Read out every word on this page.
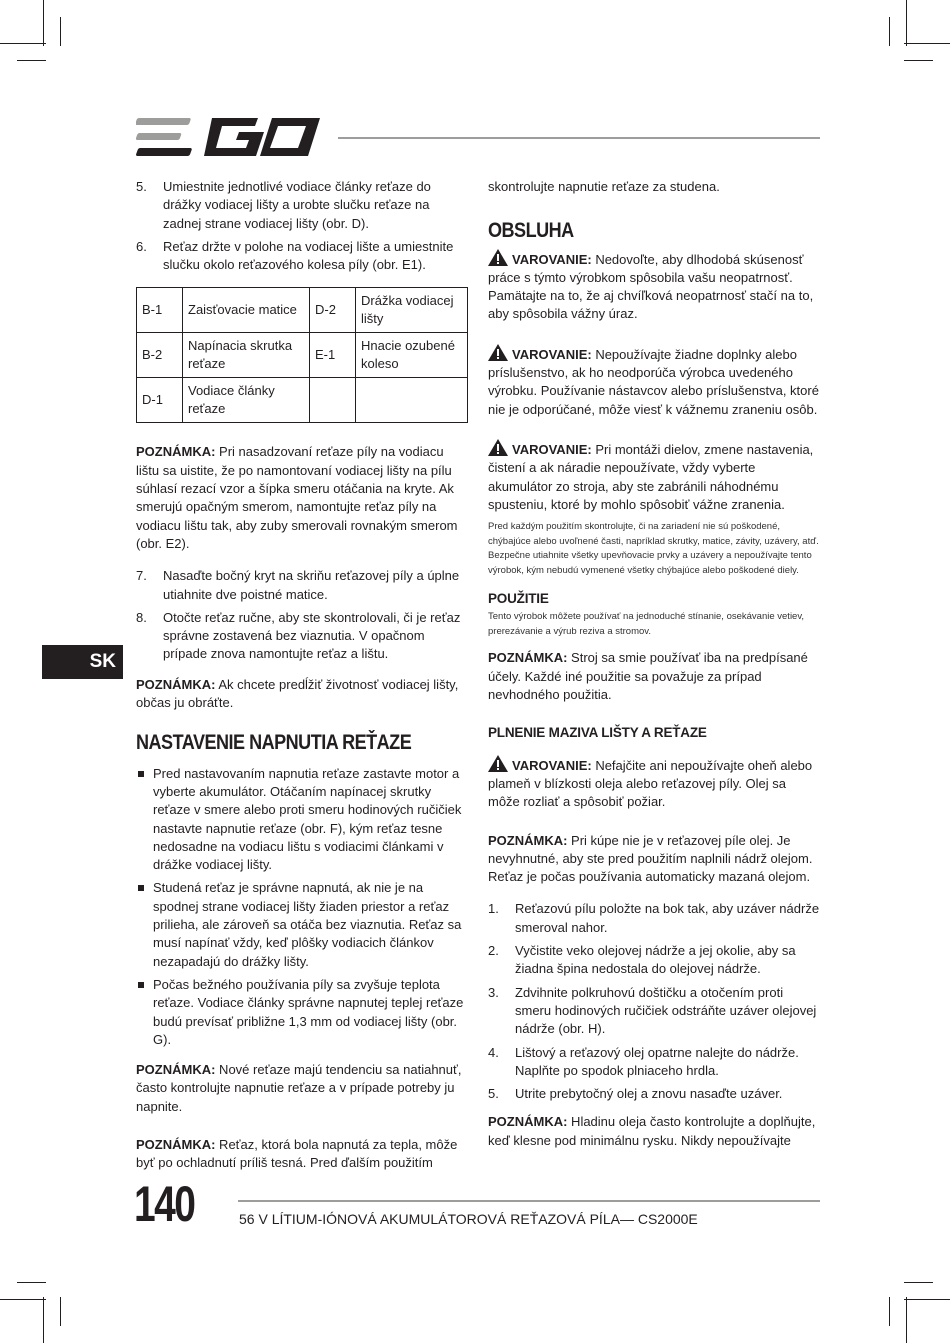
5. Umiestnite jednotlivé vodiace články reťaze do drážky vodiacej lišty a urobte slučku reťaze na zadnej strane vodiacej lišty (obr. D).
6. Reťaz držte v polohe na vodiacej lište a umiestnite slučku okolo reťazového kolesa píly (obr. E1).
B-1	Zaisťovacie matice	D-2	Drážka vodiacej lišty
B-2	Napínacia skrutka reťaze	E-1	Hnacie ozubené koleso
D-1	Vodiace články reťaze		

POZNÁMKA: Pri nasadzovaní reťaze píly na vodiacu lištu sa uistite, že po namontovaní vodiacej lišty na pílu súhlasí rezací vzor a šípka smeru otáčania na kryte. Ak smerujú opačným smerom, namontujte reťaz píly na vodiacu lištu tak, aby zuby smerovali rovnakým smerom (obr. E2).

7. Nasaďte bočný kryt na skriňu reťazovej píly a úplne utiahnite dve poistné matice.
8. Otočte reťaz ručne, aby ste skontrolovali, či je reťaz správne zostavená bez viaznutia. V opačnom prípade znova namontujte reťaz a lištu.

POZNÁMKA: Ak chcete predĺžiť životnosť vodiacej lišty, občas ju obráťte.

NASTAVENIE NAPNUTIA REŤAZE
Pred nastavovaním napnutia reťaze zastavte motor a vyberte akumulátor. Otáčaním napínacej skrutky reťaze v smere alebo proti smeru hodinových ručičiek nastavte napnutie reťaze (obr. F), kým reťaz tesne nedosadne na vodiacu lištu s vodiacimi článkami v drážke vodiacej lišty.
Studená reťaz je správne napnutá, ak nie je na spodnej strane vodiacej lišty žiaden priestor a reťaz prilieha, ale zároveň sa otáča bez viaznutia. Reťaz sa musí napínať vždy, keď plôšky vodiacich článkov nezapadajú do drážky lišty.
Počas bežného používania píly sa zvyšuje teplota reťaze. Vodiace články správne napnutej teplej reťaze budú prevísať približne 1,3 mm od vodiacej lišty (obr. G).

POZNÁMKA: Nové reťaze majú tendenciu sa natiahnuť, často kontrolujte napnutie reťaze a v prípade potreby ju napnite.

POZNÁMKA: Reťaz, ktorá bola napnutá za tepla, môže byť po ochladnutí príliš tesná. Pred ďalším použitím

SK

skontrolujte napnutie reťaze za studena.

OBSLUHA

VAROVANIE: Nedovoľte, aby dlhodobá skúsenosť práce s týmto výrobkom spôsobila vašu neopatrnosť. Pamätajte na to, že aj chvíľková neopatrnosť stačí na to, aby spôsobila vážny úraz.

VAROVANIE: Nepoužívajte žiadne doplnky alebo príslušenstvo, ak ho neodporúča výrobca uvedeného výrobku. Používanie nástavcov alebo príslušenstva, ktoré nie je odporúčané, môže viesť k vážnemu zraneniu osôb.

VAROVANIE: Pri montáži dielov, zmene nastavenia, čistení a ak náradie nepoužívate, vždy vyberte akumulátor zo stroja, aby ste zabránili náhodnému spusteniu, ktoré by mohlo spôsobiť vážne zranenia.

Pred každým použitím skontrolujte, či na zariadení nie sú poškodené, chýbajúce alebo uvoľnené časti, napríklad skrutky, matice, závity, uzávery, atď. Bezpečne utiahnite všetky upevňovacie prvky a uzávery a nepoužívajte tento výrobok, kým nebudú vymenené všetky chýbajúce alebo poškodené diely.

POUŽITIE

Tento výrobok môžete používať na jednoduché stínanie, osekávanie vetiev, prerezávanie a výrub reziva a stromov.

POZNÁMKA: Stroj sa smie používať iba na predpísané účely. Každé iné použitie sa považuje za prípad nevhodného použitia.

PLNENIE MAZIVA LIŠTY A REŤAZE

VAROVANIE: Nefajčite ani nepoužívajte oheň alebo plameň v blízkosti oleja alebo reťazovej píly. Olej sa môže rozliať a spôsobiť požiar.

POZNÁMKA: Pri kúpe nie je v reťazovej píle olej. Je nevyhnutné, aby ste pred použitím naplnili nádrž olejom. Reťaz je počas používania automaticky mazaná olejom.

1. Reťazovú pílu položte na bok tak, aby uzáver nádrže smeroval nahor.
2. Vyčistite veko olejovej nádrže a jej okolie, aby sa žiadna špina nedostala do olejovej nádrže.
3. Zdvihnite polkruhovú doštičku a otočením proti smeru hodinových ručičiek odstráňte uzáver olejovej nádrže (obr. H).
4. Lištový a reťazový olej opatrne nalejte do nádrže. Naplňte po spodok plniaceho hrdla.
5. Utrite prebytočný olej a znovu nasaďte uzáver.

POZNÁMKA: Hladinu oleja často kontrolujte a doplňujte, keď klesne pod minimálnu rysku. Nikdy nepoužívajte

140	56 V LÍTIUM-IÓNOVÁ AKUMULÁTOROVÁ REŤAZOVÁ PÍLA— CS2000E
